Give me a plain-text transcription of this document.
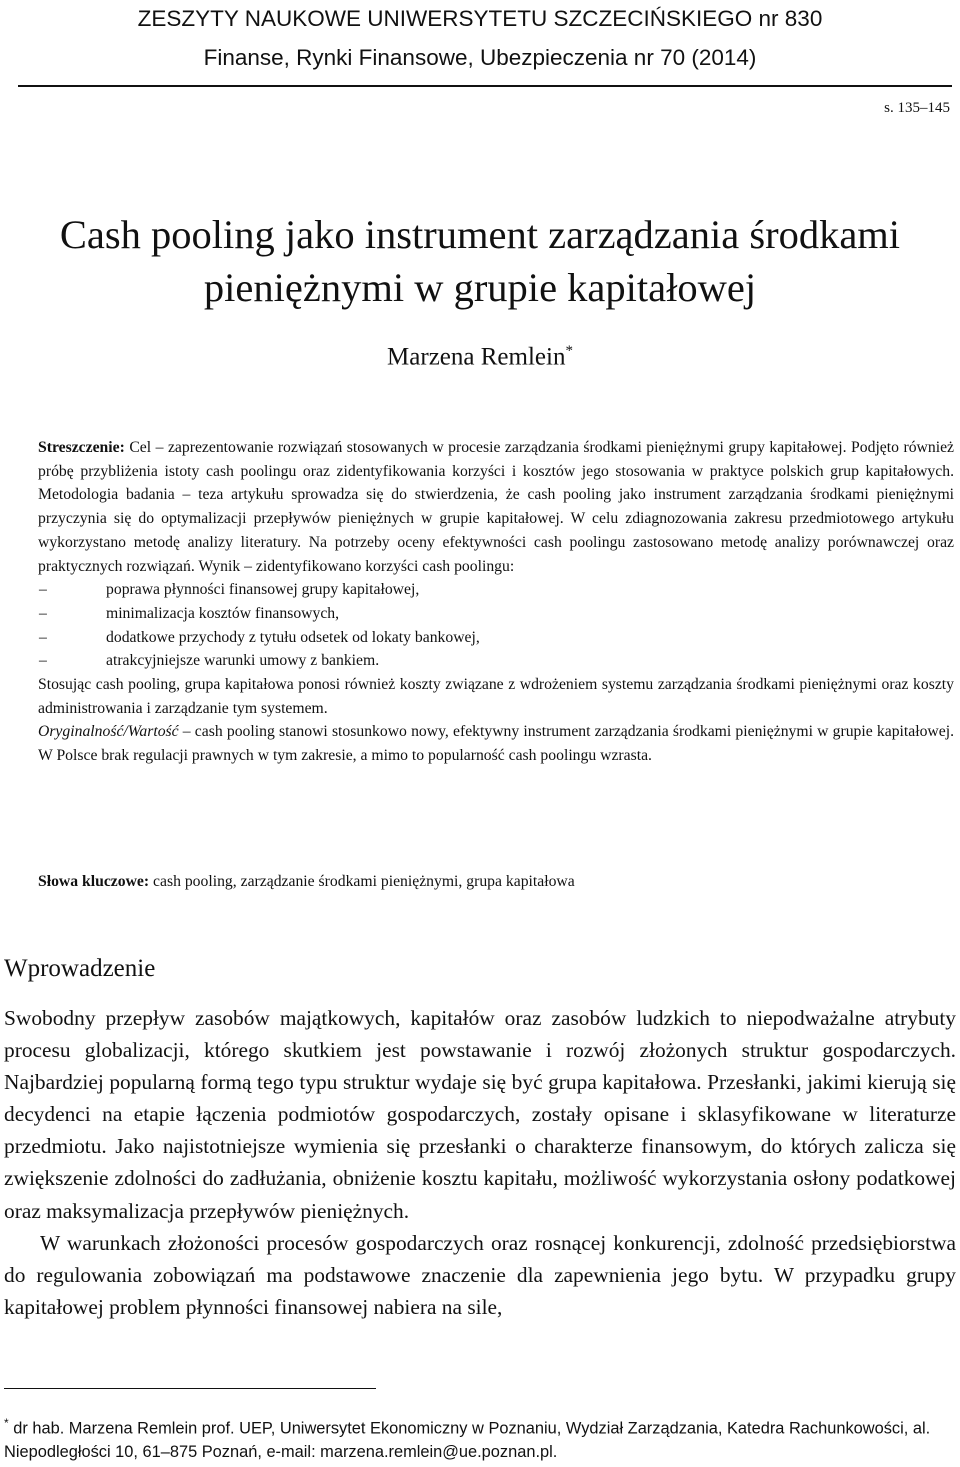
ZESZYTY NAUKOWE UNIWERSYTETU SZCZECIŃSKIEGO nr 830
Finanse, Rynki Finansowe, Ubezpieczenia nr 70 (2014)
s. 135–145
Cash pooling jako instrument zarządzania środkami
pieniężnymi w grupie kapitałowej
Marzena Remlein*

Streszczenie: Cel – zaprezentowanie rozwiązań stosowanych w procesie zarządzania środkami pieniężnymi grupy kapitałowej. Podjęto również próbę przybliżenia istoty cash poolingu oraz zidentyfikowania korzyści i kosztów jego stosowania w praktyce polskich grup kapitałowych. Metodologia badania – teza artykułu sprowadza się do stwierdzenia, że cash pooling jako instrument zarządzania środkami pieniężnymi przyczynia się do optymalizacji przepływów pieniężnych w grupie kapitałowej. W celu zdiagnozowania zakresu przedmiotowego artykułu wykorzystano metodę analizy literatury. Na potrzeby oceny efektywności cash poolingu zastosowano metodę analizy porównawczej oraz praktycznych rozwiązań. Wynik – zidentyfikowano korzyści cash poolingu:

–	poprawa płynności finansowej grupy kapitałowej,
–	minimalizacja kosztów finansowych,
–	dodatkowe przychody z tytułu odsetek od lokaty bankowej,
–	atrakcyjniejsze warunki umowy z bankiem.

Stosując cash pooling, grupa kapitałowa ponosi również koszty związane z wdrożeniem systemu zarządzania środkami pieniężnymi oraz koszty administrowania i zarządzanie tym systemem.

Oryginalność/Wartość – cash pooling stanowi stosunkowo nowy, efektywny instrument zarządzania środkami pieniężnymi w grupie kapitałowej. W Polsce brak regulacji prawnych w tym zakresie, a mimo to popularność cash poolingu wzrasta.

Słowa kluczowe: cash pooling, zarządzanie środkami pieniężnymi, grupa kapitałowa
Wprowadzenie

Swobodny przepływ zasobów majątkowych, kapitałów oraz zasobów ludzkich to niepodważalne atrybuty procesu globalizacji, którego skutkiem jest powstawanie i rozwój złożonych struktur gospodarczych. Najbardziej popularną formą tego typu struktur wydaje się być grupa kapitałowa. Przesłanki, jakimi kierują się decydenci na etapie łączenia podmiotów gospodarczych, zostały opisane i sklasyfikowane w literaturze przedmiotu. Jako najistotniejsze wymienia się przesłanki o charakterze finansowym, do których zalicza się zwiększenie zdolności do zadłużania, obniżenie kosztu kapitału, możliwość wykorzystania osłony podatkowej oraz maksymalizacja przepływów pieniężnych.

W warunkach złożoności procesów gospodarczych oraz rosnącej konkurencji, zdolność przedsiębiorstwa do regulowania zobowiązań ma podstawowe znaczenie dla zapewnienia jego bytu. W przypadku grupy kapitałowej problem płynności finansowej nabiera na sile,

* dr hab. Marzena Remlein prof. UEP, Uniwersytet Ekonomiczny w Poznaniu, Wydział Zarządzania, Katedra Rachunkowości, al. Niepodległości 10, 61–875 Poznań, e-mail: marzena.remlein@ue.poznan.pl.
